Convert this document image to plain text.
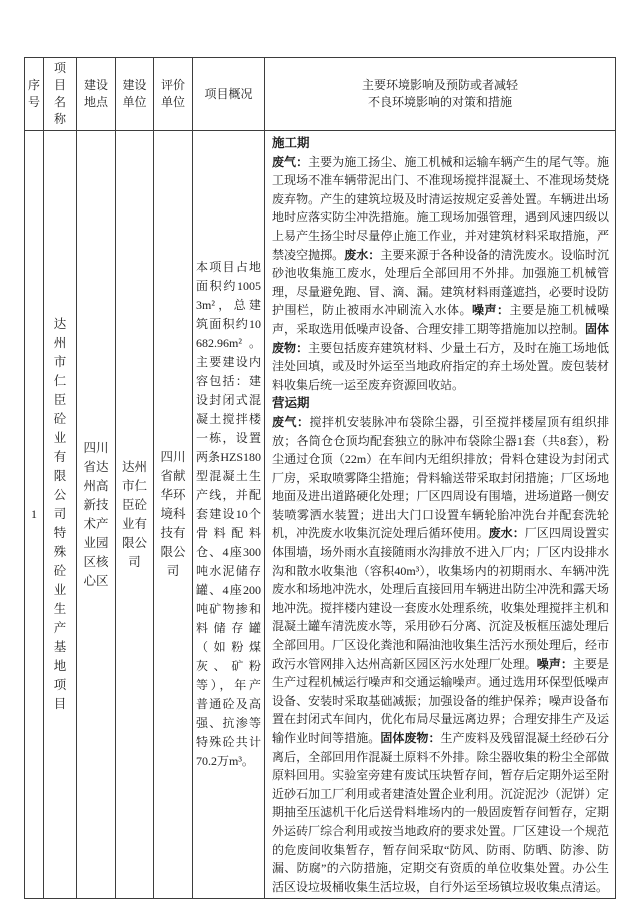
序号	项目名称	建设地点	建设单位	评价单位	项目概况	主要环境影响及预防或者减轻
不良环境影响的对策和措施

1	达州市仁臣砼业有限公司特殊砼业生产基地项目	四川省达州高新技术产业园区核心区	达州市仁臣砼业有限公司	四川省献华环境科技有限公司	本项目占地面积约10053m²，总建筑面积约10682.96m²。主要建设内容包括：建设封闭式混凝土搅拌楼一栋，设置两条HZS180型混凝土生产线，并配套建设10个骨料配料仓、4座300吨水泥储存罐、4座200吨矿物掺和料储存罐（如粉煤灰、矿粉等），年产普通砼及高强、抗渗等特殊砼共计70.2万m³。	施工期
废气：主要为施工扬尘、施工机械和运输车辆产生的尾气等。施工现场不准车辆带泥出门、不准现场搅拌混凝土、不准现场焚烧废弃物。产生的建筑垃圾及时清运按规定妥善处置。车辆进出场地时应落实防尘冲洗措施。施工现场加强管理，遇到风速四级以上易产生扬尘时尽量停止施工作业，并对建筑材料采取措施，严禁凌空抛掷。废水：主要来源于各种设备的清洗废水。设临时沉砂池收集施工废水，处理后全部回用不外排。加强施工机械管理，尽量避免跑、冒、滴、漏。建筑材料雨蓬遮挡，必要时设防护围栏，防止被雨水冲刷流入水体。噪声：主要是施工机械噪声，采取选用低噪声设备、合理安排工期等措施加以控制。固体废物：主要包括废弃建筑材料、少量土石方，及时在施工场地低洼处回填，或及时外运至当地政府指定的弃土场处置。废包装材料收集后统一运至废弃资源回收站。
营运期
废气：搅拌机安装脉冲布袋除尘器，引至搅拌楼屋顶有组织排放；各筒仓仓顶均配套独立的脉冲布袋除尘器1套（共8套），粉尘通过仓顶（22m）在车间内无组织排放；骨料仓建设为封闭式厂房，采取喷雾降尘措施；骨料输送带采取封闭措施；厂区场地地面及进出道路硬化处理；厂区四周设有围墙，进场道路一侧安装喷雾洒水装置；进出大门口设置车辆轮胎冲洗台并配套洗轮机，冲洗废水收集沉淀处理后循环使用。废水：厂区四周设置实体围墙，场外雨水直接随雨水沟排放不进入厂内；厂区内设排水沟和散水收集池（容积40m³），收集场内的初期雨水、车辆冲洗废水和场地冲洗水，处理后直接回用车辆进出防尘冲洗和露天场地冲洗。搅拌楼内建设一套废水处理系统，收集处理搅拌主机和混凝土罐车清洗废水等，采用砂石分离、沉淀及板框压滤处理后全部回用。厂区设化粪池和隔油池收集生活污水预处理后，经市政污水管网排入达州高新区园区污水处理厂处理。噪声：主要是生产过程机械运行噪声和交通运输噪声。通过选用环保型低噪声设备、安装时采取基础减振；加强设备的维护保养；噪声设备布置在封闭式车间内，优化布局尽量远离边界；合理安排生产及运输作业时间等措施。固体废物：生产废料及残留混凝土经砂石分离后，全部回用作混凝土原料不外排。除尘器收集的粉尘全部做原料回用。实验室旁建有废试压块暂存间，暂存后定期外运至附近砂石加工厂利用或者建渣处置企业利用。沉淀泥沙（泥饼）定期抽至压滤机干化后送骨料堆场内的一般固废暂存间暂存，定期外运砖厂综合利用或按当地政府的要求处置。厂区建设一个规范的危废间收集暂存，暂存间采取“防风、防雨、防晒、防渗、防漏、防腐”的六防措施，定期交有资质的单位收集处置。办公生活区设垃圾桶收集生活垃圾，自行外运至场镇垃圾收集点清运。
